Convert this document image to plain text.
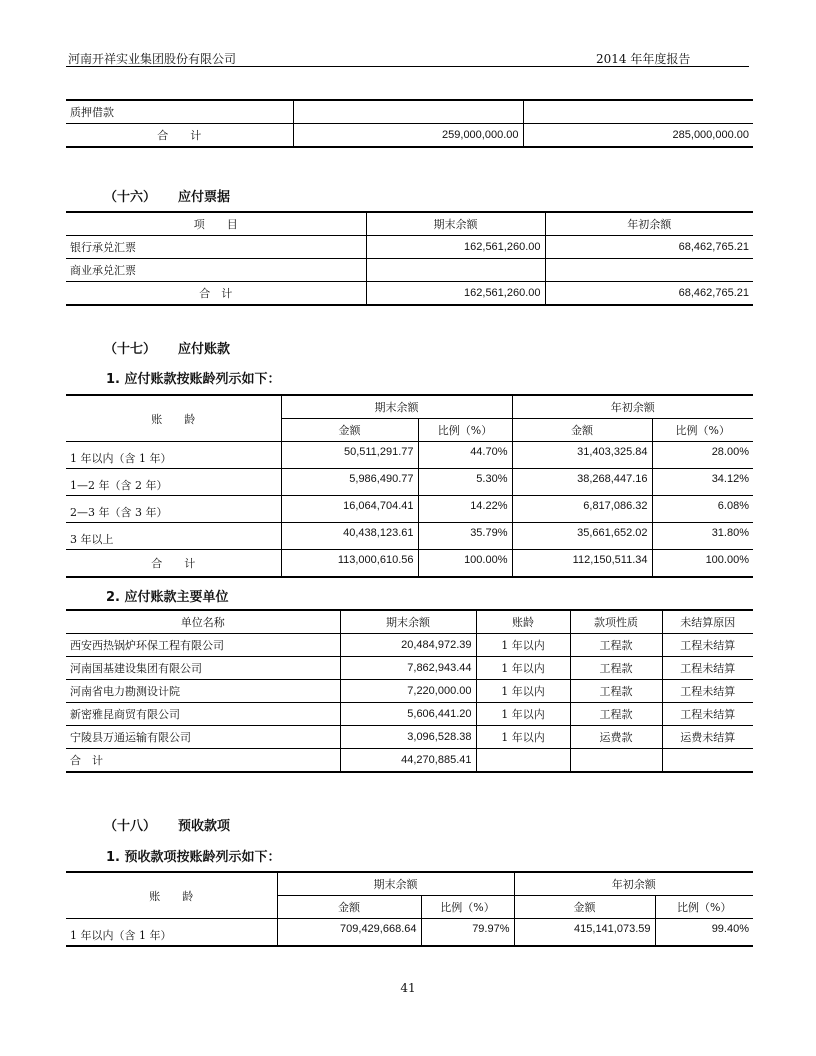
河南开祥实业集团股份有限公司	2014 年年度报告
质押借款		
合　　计	259,000,000.00	285,000,000.00
（十六） 应付票据
项　　目	期末余额	年初余额
银行承兑汇票	162,561,260.00	68,462,765.21
商业承兑汇票		
合　计	162,561,260.00	68,462,765.21
（十七） 应付账款
1. 应付账款按账龄列示如下：
账　　龄	期末余额		年初余额	
	金额	比例（%）	金额	比例（%）
1 年以内（含 1 年）	50,511,291.77	44.70%	31,403,325.84	28.00%
1—2 年（含 2 年）	5,986,490.77	5.30%	38,268,447.16	34.12%
2—3 年（含 3 年）	16,064,704.41	14.22%	6,817,086.32	6.08%
3 年以上	40,438,123.61	35.79%	35,661,652.02	31.80%
合　　计	113,000,610.56	100.00%	112,150,511.34	100.00%
2. 应付账款主要单位
单位名称	期末余额	账龄	款项性质	未结算原因
西安西热锅炉环保工程有限公司	20,484,972.39	1 年以内	工程款	工程未结算
河南国基建设集团有限公司	7,862,943.44	1 年以内	工程款	工程未结算
河南省电力勘测设计院	7,220,000.00	1 年以内	工程款	工程未结算
新密雅昆商贸有限公司	5,606,441.20	1 年以内	工程款	工程未结算
宁陵县万通运输有限公司	3,096,528.38	1 年以内	运费款	运费未结算
合　计	44,270,885.41			
（十八） 预收款项
1. 预收款项按账龄列示如下：
账　　龄	期末余额		年初余额	
	金额	比例（%）	金额	比例（%）
1 年以内（含 1 年）	709,429,668.64	79.97%	415,141,073.59	99.40%
41
